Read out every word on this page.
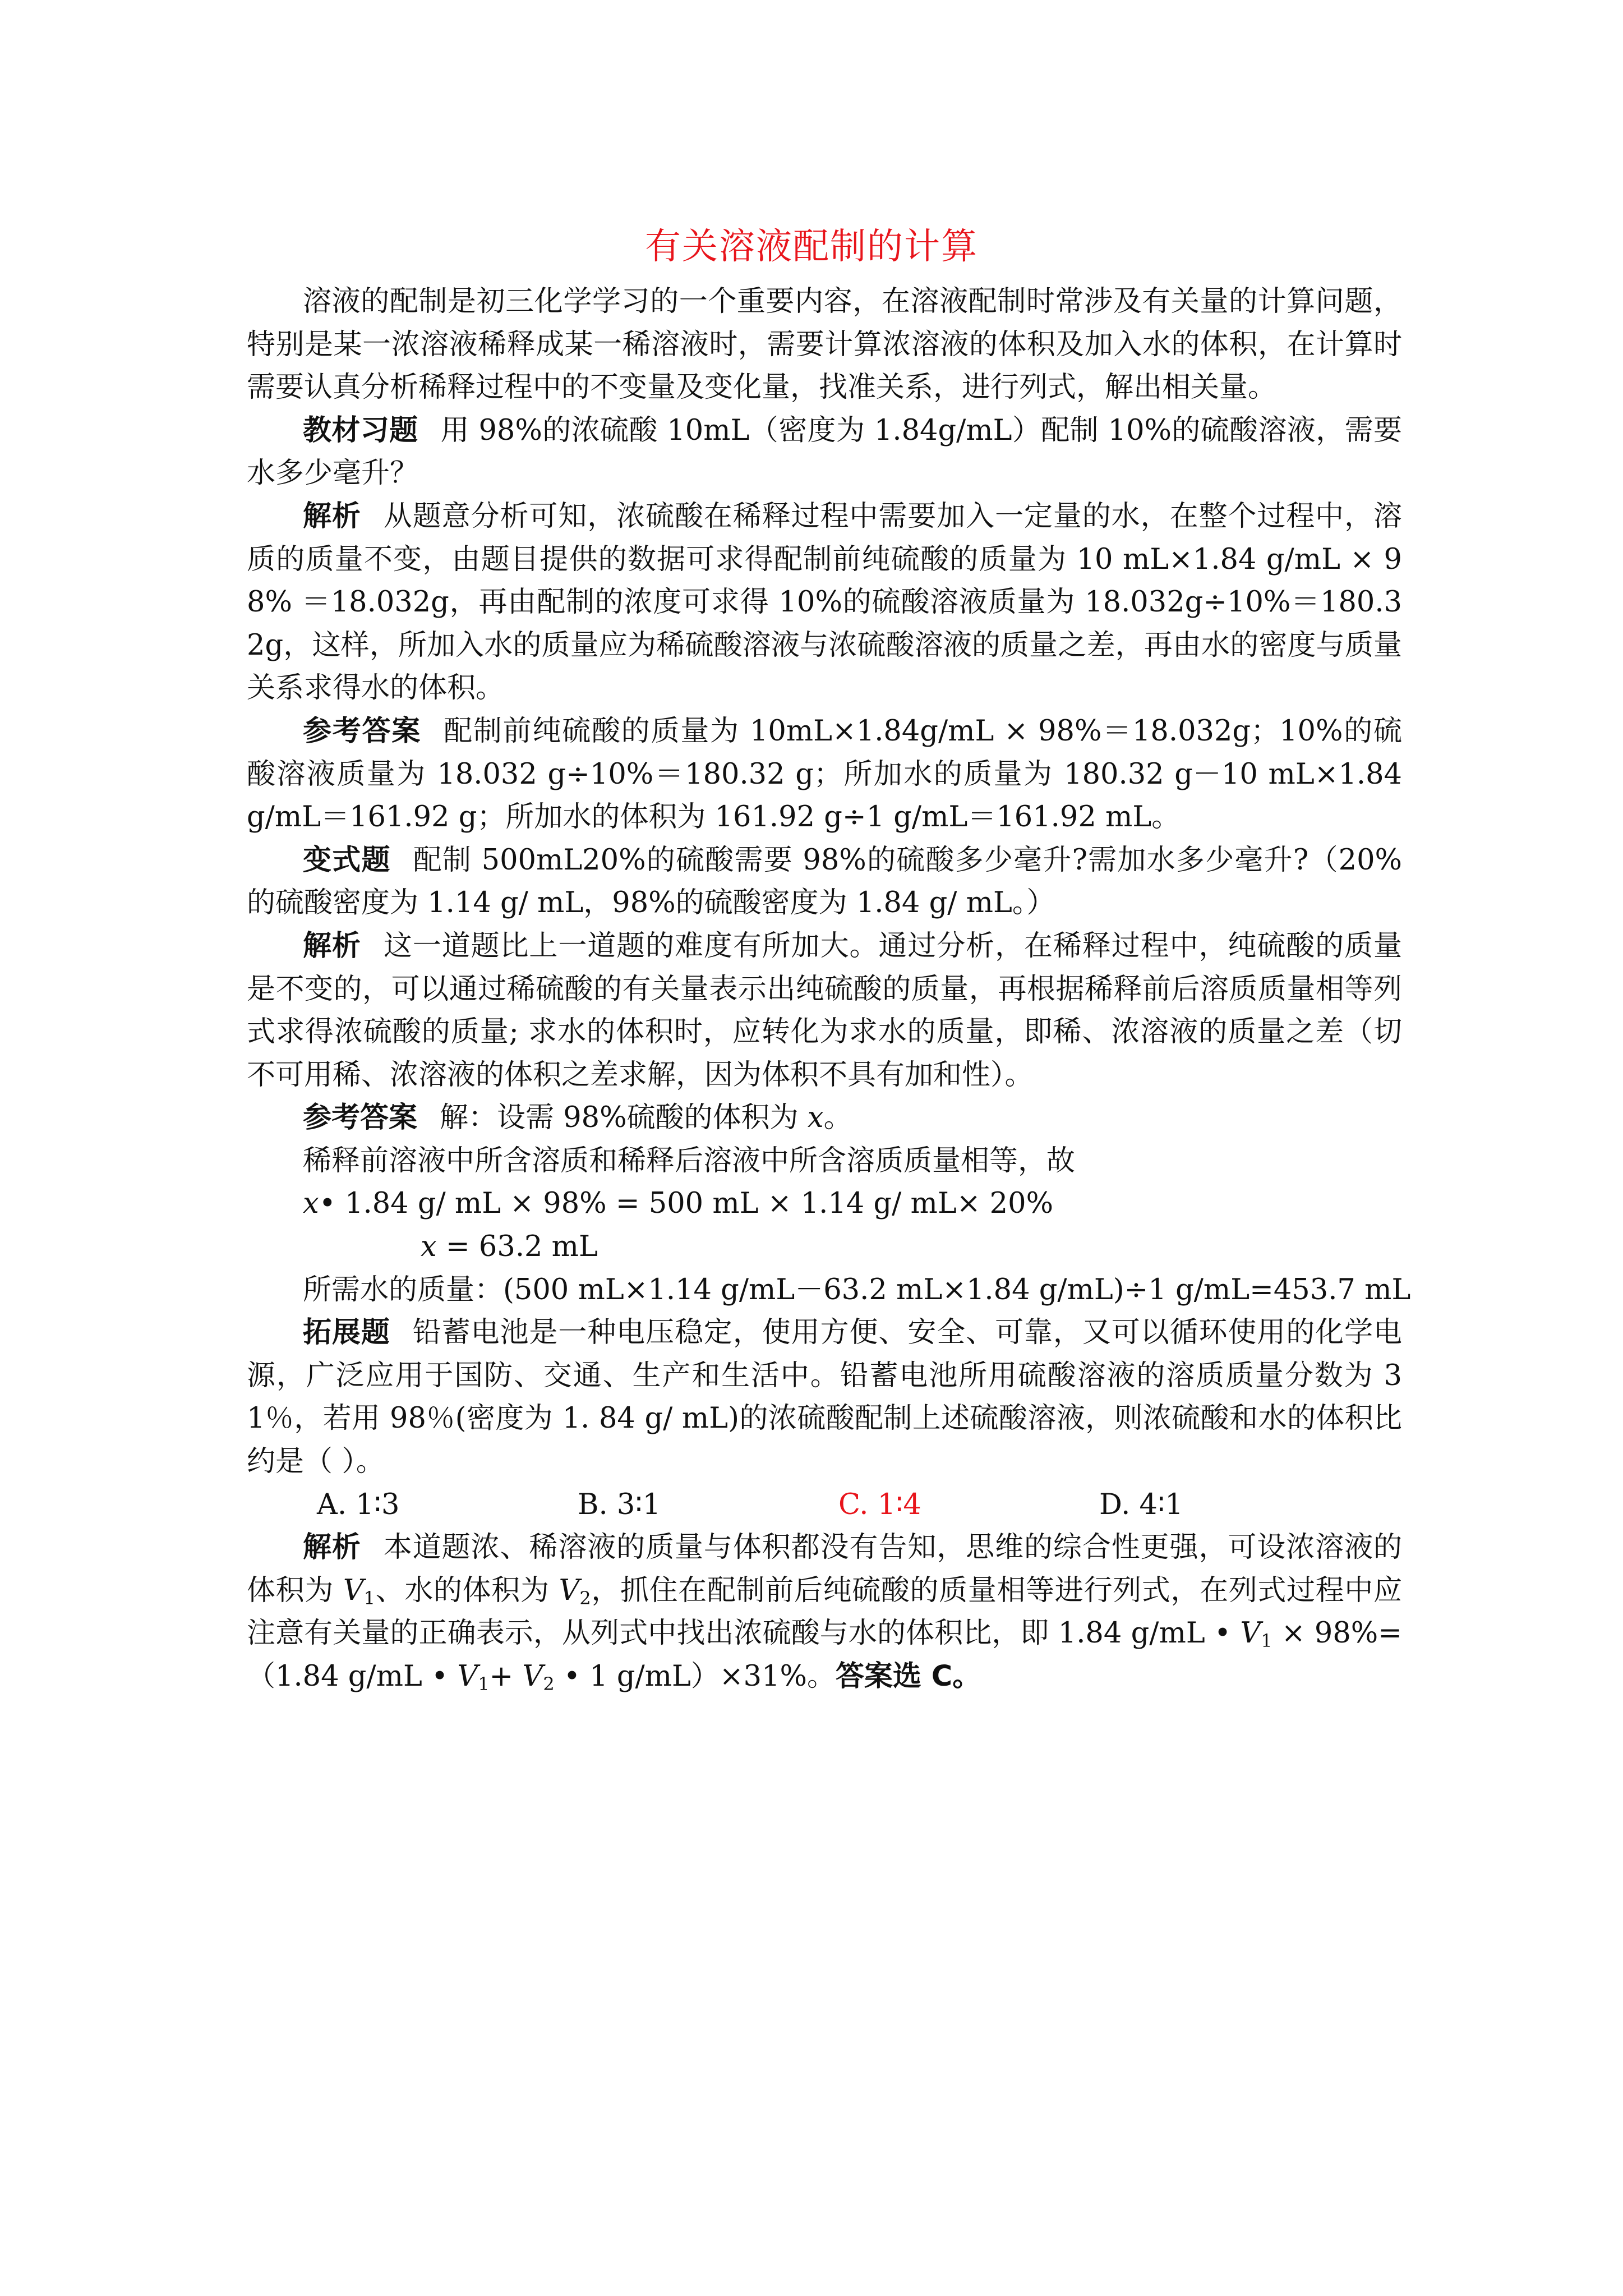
有关溶液配制的计算

溶液的配制是初三化学学习的一个重要内容，在溶液配制时常涉及有关量的计算问题，特别是某一浓溶液稀释成某一稀溶液时，需要计算浓溶液的体积及加入水的体积，在计算时需要认真分析稀释过程中的不变量及变化量，找准关系，进行列式，解出相关量。

教材习题 用 98%的浓硫酸 10mL（密度为 1.84g/mL）配制 10%的硫酸溶液，需要水多少毫升？

解析 从题意分析可知，浓硫酸在稀释过程中需要加入一定量的水，在整个过程中，溶质的质量不变，由题目提供的数据可求得配制前纯硫酸的质量为 10 mL×1.84 g/mL × 98% ＝18.032g，再由配制的浓度可求得 10%的硫酸溶液质量为 18.032g÷10%＝180.32g，这样，所加入水的质量应为稀硫酸溶液与浓硫酸溶液的质量之差，再由水的密度与质量关系求得水的体积。

参考答案 配制前纯硫酸的质量为 10mL×1.84g/mL × 98%＝18.032g；10%的硫酸溶液质量为 18.032 g÷10%＝180.32 g；所加水的质量为 180.32 g－10 mL×1.84 g/mL＝161.92 g；所加水的体积为 161.92 g÷1 g/mL＝161.92 mL。

变式题 配制 500mL20%的硫酸需要 98%的硫酸多少毫升?需加水多少毫升?（20%的硫酸密度为 1.14 g/ mL，98%的硫酸密度为 1.84 g/ mL。）

解析 这一道题比上一道题的难度有所加大。通过分析，在稀释过程中，纯硫酸的质量是不变的，可以通过稀硫酸的有关量表示出纯硫酸的质量，再根据稀释前后溶质质量相等列式求得浓硫酸的质量; 求水的体积时，应转化为求水的质量，即稀、浓溶液的质量之差（切不可用稀、浓溶液的体积之差求解，因为体积不具有加和性）。

参考答案 解：设需 98%硫酸的体积为 x。

稀释前溶液中所含溶质和稀释后溶液中所含溶质质量相等，故
x• 1.84 g/ mL × 98% = 500 mL × 1.14 g/ mL× 20%
x = 63.2 mL
所需水的质量：(500 mL×1.14 g/mL－63.2 mL×1.84 g/mL)÷1 g/mL=453.7 mL

拓展题 铅蓄电池是一种电压稳定，使用方便、安全、可靠，又可以循环使用的化学电源，广泛应用于国防、交通、生产和生活中。铅蓄电池所用硫酸溶液的溶质质量分数为 31％，若用 98％(密度为 1. 84 g/ mL)的浓硫酸配制上述硫酸溶液，则浓硫酸和水的体积比约是（ ）。

A. 1∶3	B. 3∶1	C. 1∶4	D. 4∶1

解析 本道题浓、稀溶液的质量与体积都没有告知，思维的综合性更强，可设浓溶液的体积为 $V_1$、水的体积为 $V_2$，抓住在配制前后纯硫酸的质量相等进行列式，在列式过程中应注意有关量的正确表示，从列式中找出浓硫酸与水的体积比，即 1.84 g/mL • $V_1 \times 98\%=(1.84$ g/mL • $V_1+ V_2$ • 1 g/mL）×31%。答案选 C。
